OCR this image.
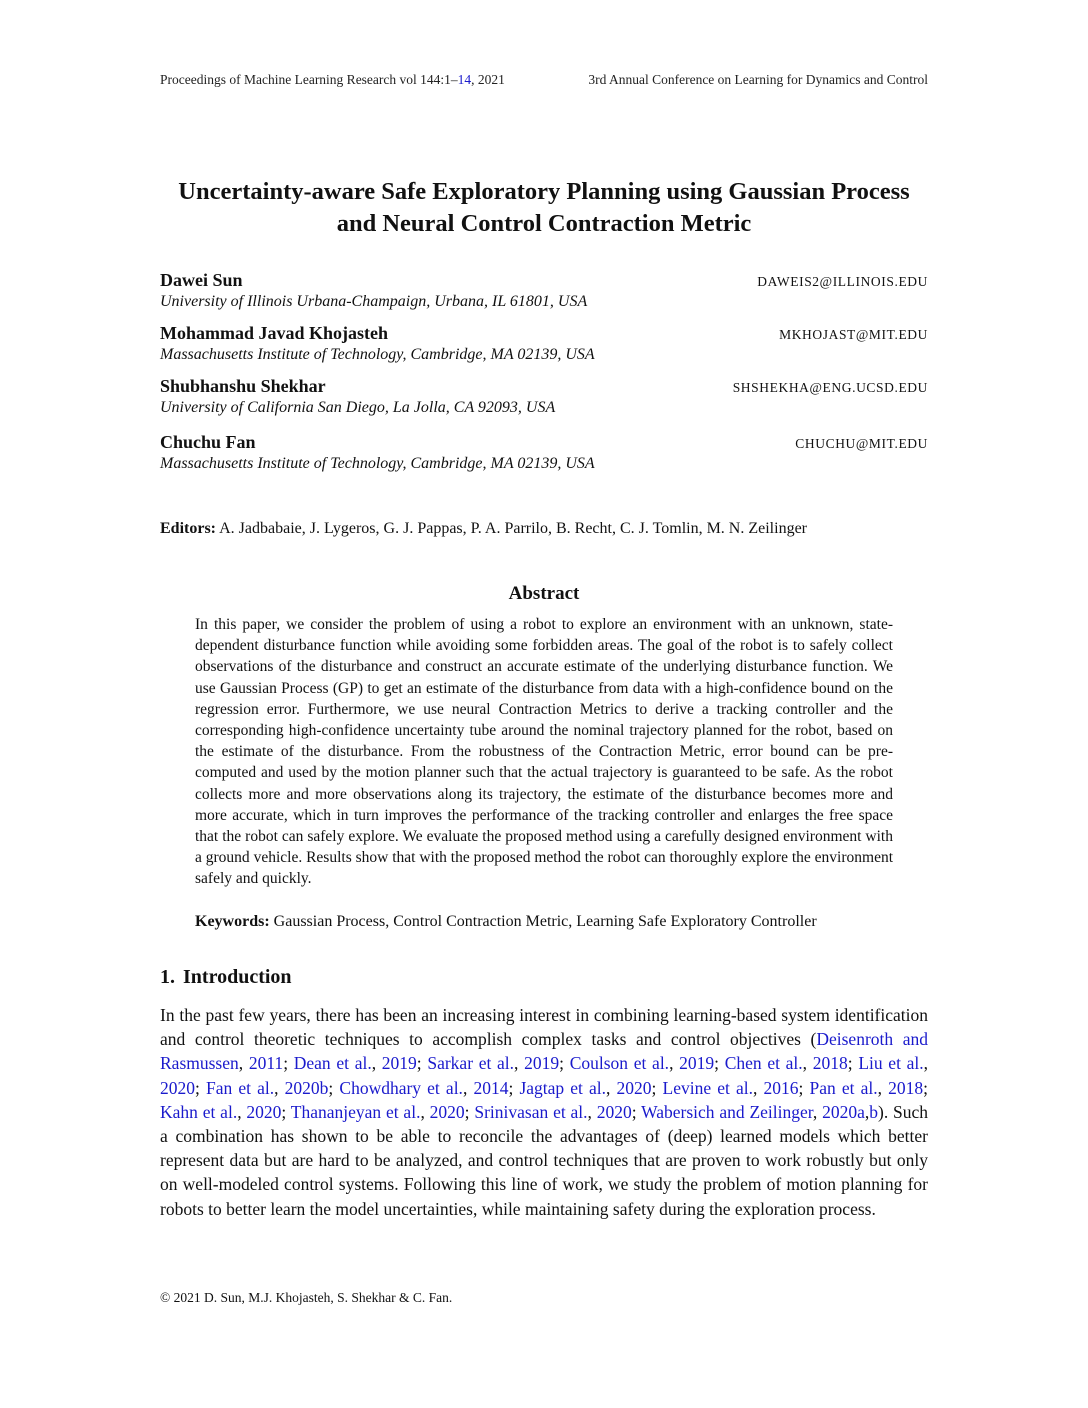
Proceedings of Machine Learning Research vol 144:1–14, 2021	3rd Annual Conference on Learning for Dynamics and Control
Uncertainty-aware Safe Exploratory Planning using Gaussian Process
and Neural Control Contraction Metric
Dawei Sun	DAWEIS2@ILLINOIS.EDU
University of Illinois Urbana-Champaign, Urbana, IL 61801, USA
Mohammad Javad Khojasteh	MKHOJAST@MIT.EDU
Massachusetts Institute of Technology, Cambridge, MA 02139, USA
Shubhanshu Shekhar	SHSHEKHA@ENG.UCSD.EDU
University of California San Diego, La Jolla, CA 92093, USA
Chuchu Fan	CHUCHU@MIT.EDU
Massachusetts Institute of Technology, Cambridge, MA 02139, USA
Editors: A. Jadbabaie, J. Lygeros, G. J. Pappas, P. A. Parrilo, B. Recht, C. J. Tomlin, M. N. Zeilinger
Abstract

In this paper, we consider the problem of using a robot to explore an environment with an unknown, state-dependent disturbance function while avoiding some forbidden areas. The goal of the robot is to safely collect observations of the disturbance and construct an accurate estimate of the underlying disturbance function. We use Gaussian Process (GP) to get an estimate of the disturbance from data with a high-confidence bound on the regression error. Furthermore, we use neural Contraction Metrics to derive a tracking controller and the corresponding high-confidence uncertainty tube around the nominal trajectory planned for the robot, based on the estimate of the disturbance. From the robustness of the Contraction Metric, error bound can be pre-computed and used by the motion planner such that the actual trajectory is guaranteed to be safe. As the robot collects more and more observations along its trajectory, the estimate of the disturbance becomes more and more accurate, which in turn improves the performance of the tracking controller and enlarges the free space that the robot can safely explore. We evaluate the proposed method using a carefully designed environment with a ground vehicle. Results show that with the proposed method the robot can thoroughly explore the environment safely and quickly.

Keywords: Gaussian Process, Control Contraction Metric, Learning Safe Exploratory Controller
1. Introduction

In the past few years, there has been an increasing interest in combining learning-based system identification and control theoretic techniques to accomplish complex tasks and control objectives (Deisenroth and Rasmussen, 2011; Dean et al., 2019; Sarkar et al., 2019; Coulson et al., 2019; Chen et al., 2018; Liu et al., 2020; Fan et al., 2020b; Chowdhary et al., 2014; Jagtap et al., 2020; Levine et al., 2016; Pan et al., 2018; Kahn et al., 2020; Thananjeyan et al., 2020; Srinivasan et al., 2020; Wabersich and Zeilinger, 2020a,b). Such a combination has shown to be able to reconcile the advantages of (deep) learned models which better represent data but are hard to be analyzed, and control techniques that are proven to work robustly but only on well-modeled control systems. Following this line of work, we study the problem of motion planning for robots to better learn the model uncertainties, while maintaining safety during the exploration process.

© 2021 D. Sun, M.J. Khojasteh, S. Shekhar & C. Fan.
